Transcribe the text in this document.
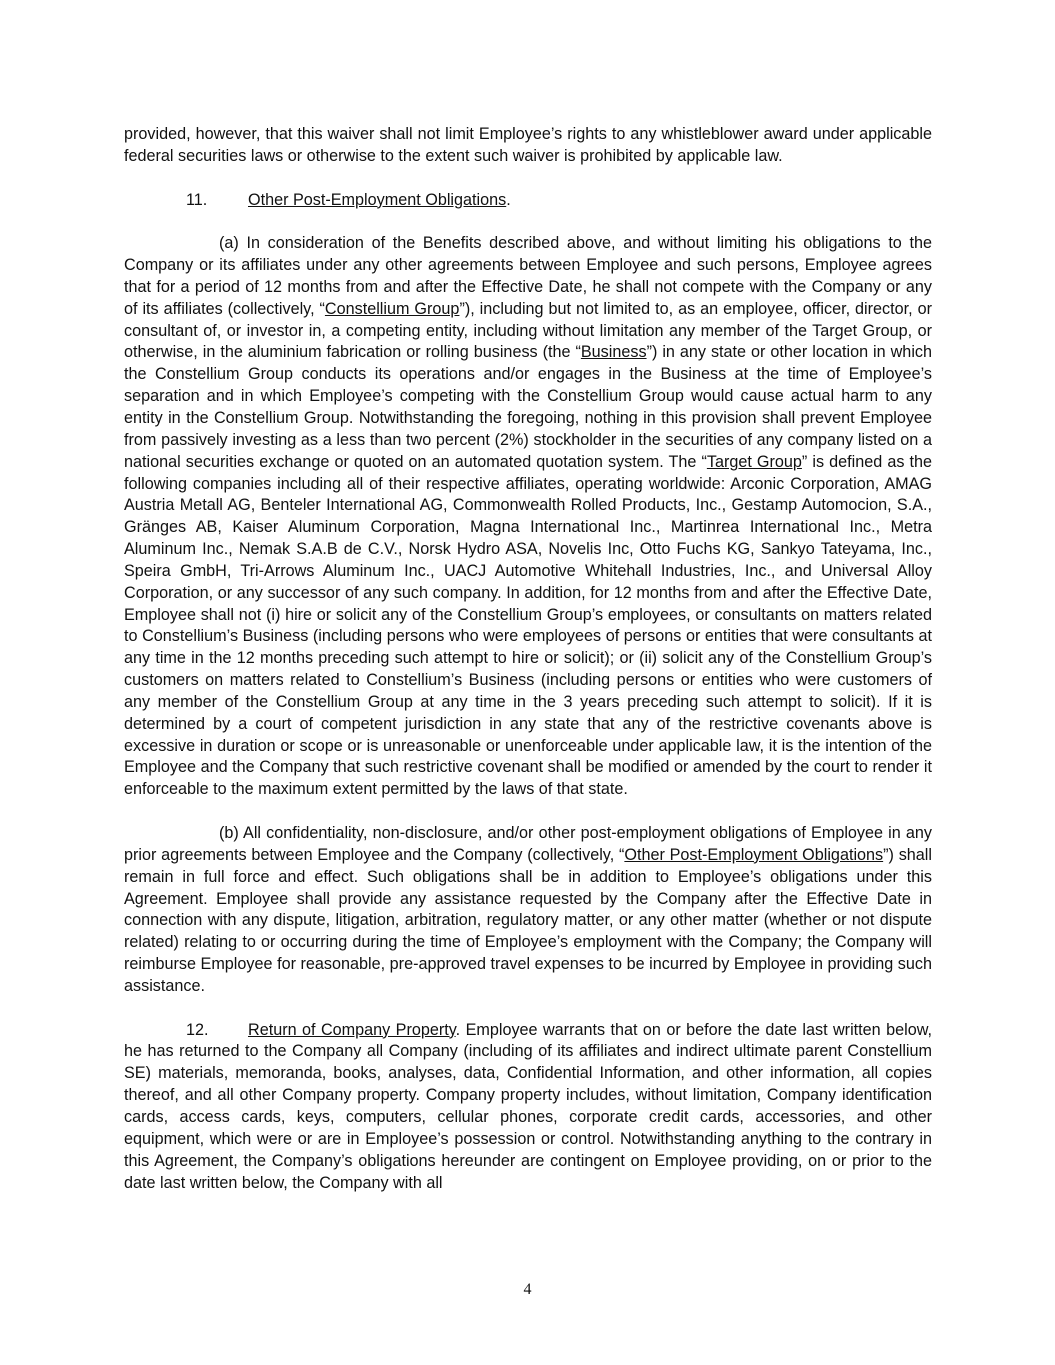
provided, however, that this waiver shall not limit Employee’s rights to any whistleblower award under applicable federal securities laws or otherwise to the extent such waiver is prohibited by applicable law.

11.	Other Post-Employment Obligations.

(a) In consideration of the Benefits described above, and without limiting his obligations to the Company or its affiliates under any other agreements between Employee and such persons, Employee agrees that for a period of 12 months from and after the Effective Date, he shall not compete with the Company or any of its affiliates (collectively, “Constellium Group”), including but not limited to, as an employee, officer, director, or consultant of, or investor in, a competing entity, including without limitation any member of the Target Group, or otherwise, in the aluminium fabrication or rolling business (the “Business”) in any state or other location in which the Constellium Group conducts its operations and/or engages in the Business at the time of Employee’s separation and in which Employee’s competing with the Constellium Group would cause actual harm to any entity in the Constellium Group. Notwithstanding the foregoing, nothing in this provision shall prevent Employee from passively investing as a less than two percent (2%) stockholder in the securities of any company listed on a national securities exchange or quoted on an automated quotation system. The “Target Group” is defined as the following companies including all of their respective affiliates, operating worldwide: Arconic Corporation, AMAG Austria Metall AG, Benteler International AG, Commonwealth Rolled Products, Inc., Gestamp Automocion, S.A., Gränges AB, Kaiser Aluminum Corporation, Magna International Inc., Martinrea International Inc., Metra Aluminum Inc., Nemak S.A.B de C.V., Norsk Hydro ASA, Novelis Inc, Otto Fuchs KG, Sankyo Tateyama, Inc., Speira GmbH, Tri-Arrows Aluminum Inc., UACJ Automotive Whitehall Industries, Inc., and Universal Alloy Corporation, or any successor of any such company. In addition, for 12 months from and after the Effective Date, Employee shall not (i) hire or solicit any of the Constellium Group’s employees, or consultants on matters related to Constellium’s Business (including persons who were employees of persons or entities that were consultants at any time in the 12 months preceding such attempt to hire or solicit); or (ii) solicit any of the Constellium Group’s customers on matters related to Constellium’s Business (including persons or entities who were customers of any member of the Constellium Group at any time in the 3 years preceding such attempt to solicit). If it is determined by a court of competent jurisdiction in any state that any of the restrictive covenants above is excessive in duration or scope or is unreasonable or unenforceable under applicable law, it is the intention of the Employee and the Company that such restrictive covenant shall be modified or amended by the court to render it enforceable to the maximum extent permitted by the laws of that state.

(b) All confidentiality, non-disclosure, and/or other post-employment obligations of Employee in any prior agreements between Employee and the Company (collectively, “Other Post-Employment Obligations”) shall remain in full force and effect. Such obligations shall be in addition to Employee’s obligations under this Agreement. Employee shall provide any assistance requested by the Company after the Effective Date in connection with any dispute, litigation, arbitration, regulatory matter, or any other matter (whether or not dispute related) relating to or occurring during the time of Employee’s employment with the Company; the Company will reimburse Employee for reasonable, pre-approved travel expenses to be incurred by Employee in providing such assistance.

12. Return of Company Property. Employee warrants that on or before the date last written below, he has returned to the Company all Company (including of its affiliates and indirect ultimate parent Constellium SE) materials, memoranda, books, analyses, data, Confidential Information, and other information, all copies thereof, and all other Company property. Company property includes, without limitation, Company identification cards, access cards, keys, computers, cellular phones, corporate credit cards, accessories, and other equipment, which were or are in Employee’s possession or control. Notwithstanding anything to the contrary in this Agreement, the Company’s obligations hereunder are contingent on Employee providing, on or prior to the date last written below, the Company with all

4
